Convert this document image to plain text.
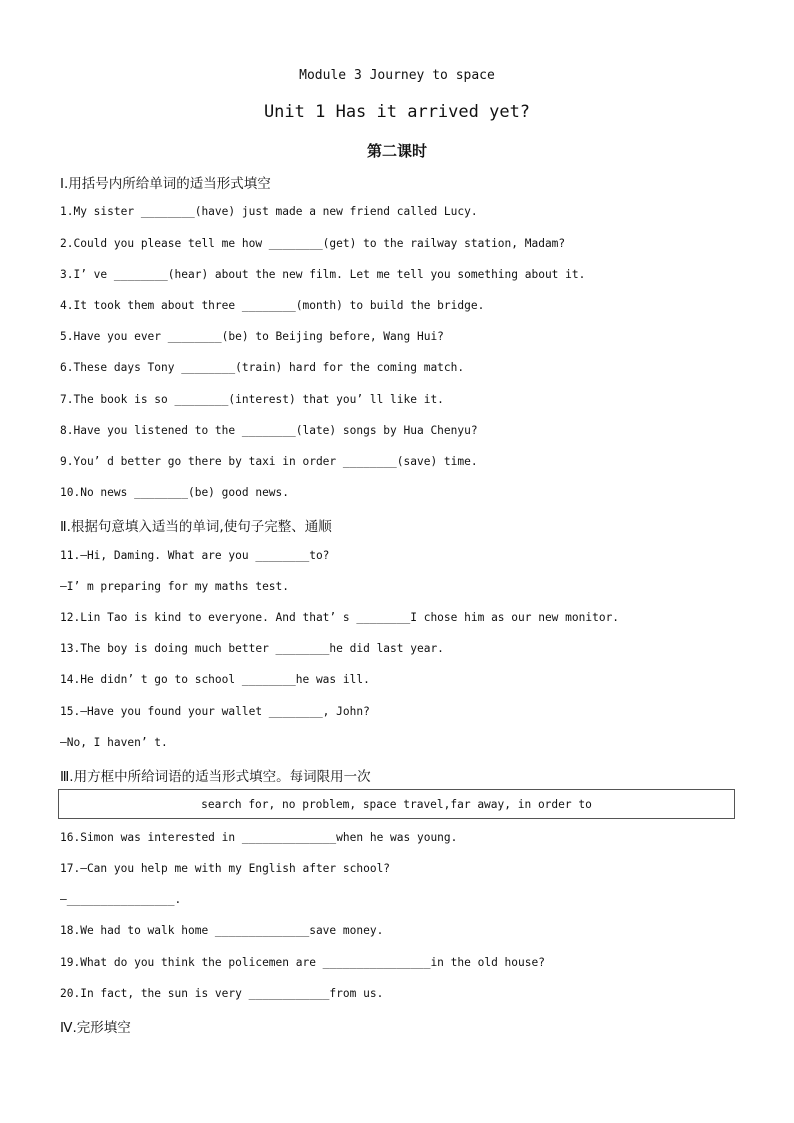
Module 3 Journey to space
Unit 1 Has it arrived yet?
第二课时
Ⅰ.用括号内所给单词的适当形式填空
1.My sister ________(have) just made a new friend called Lucy.
2.Could you please tell me how ________(get) to the railway station, Madam?
3.I’ ve ________(hear) about the new film. Let me tell you something about it.
4.It took them about three ________(month) to build the bridge.
5.Have you ever ________(be) to Beijing before, Wang Hui?
6.These days Tony ________(train) hard for the coming match.
7.The book is so ________(interest) that you’ ll like it.
8.Have you listened to the ________(late) songs by Hua Chenyu?
9.You’ d better go there by taxi in order ________(save) time.
10.No news ________(be) good news.
Ⅱ.根据句意填入适当的单词,使句子完整、通顺
11.—Hi, Daming. What are you ________to?
—I’ m preparing for my maths test.
12.Lin Tao is kind to everyone. And that’ s ________I chose him as our new monitor.
13.The boy is doing much better ________he did last year.
14.He didn’ t go to school ________he was ill.
15.—Have you found your wallet ________, John?
—No, I haven’ t.
Ⅲ.用方框中所给词语的适当形式填空。每词限用一次
search for, no problem, space travel,far away, in order to
16.Simon was interested in ______________when he was young.
17.—Can you help me with my English after school?
—________________.
18.We had to walk home ______________save money.
19.What do you think the policemen are ________________in the old house?
20.In fact, the sun is very ____________from us.
Ⅳ.完形填空
